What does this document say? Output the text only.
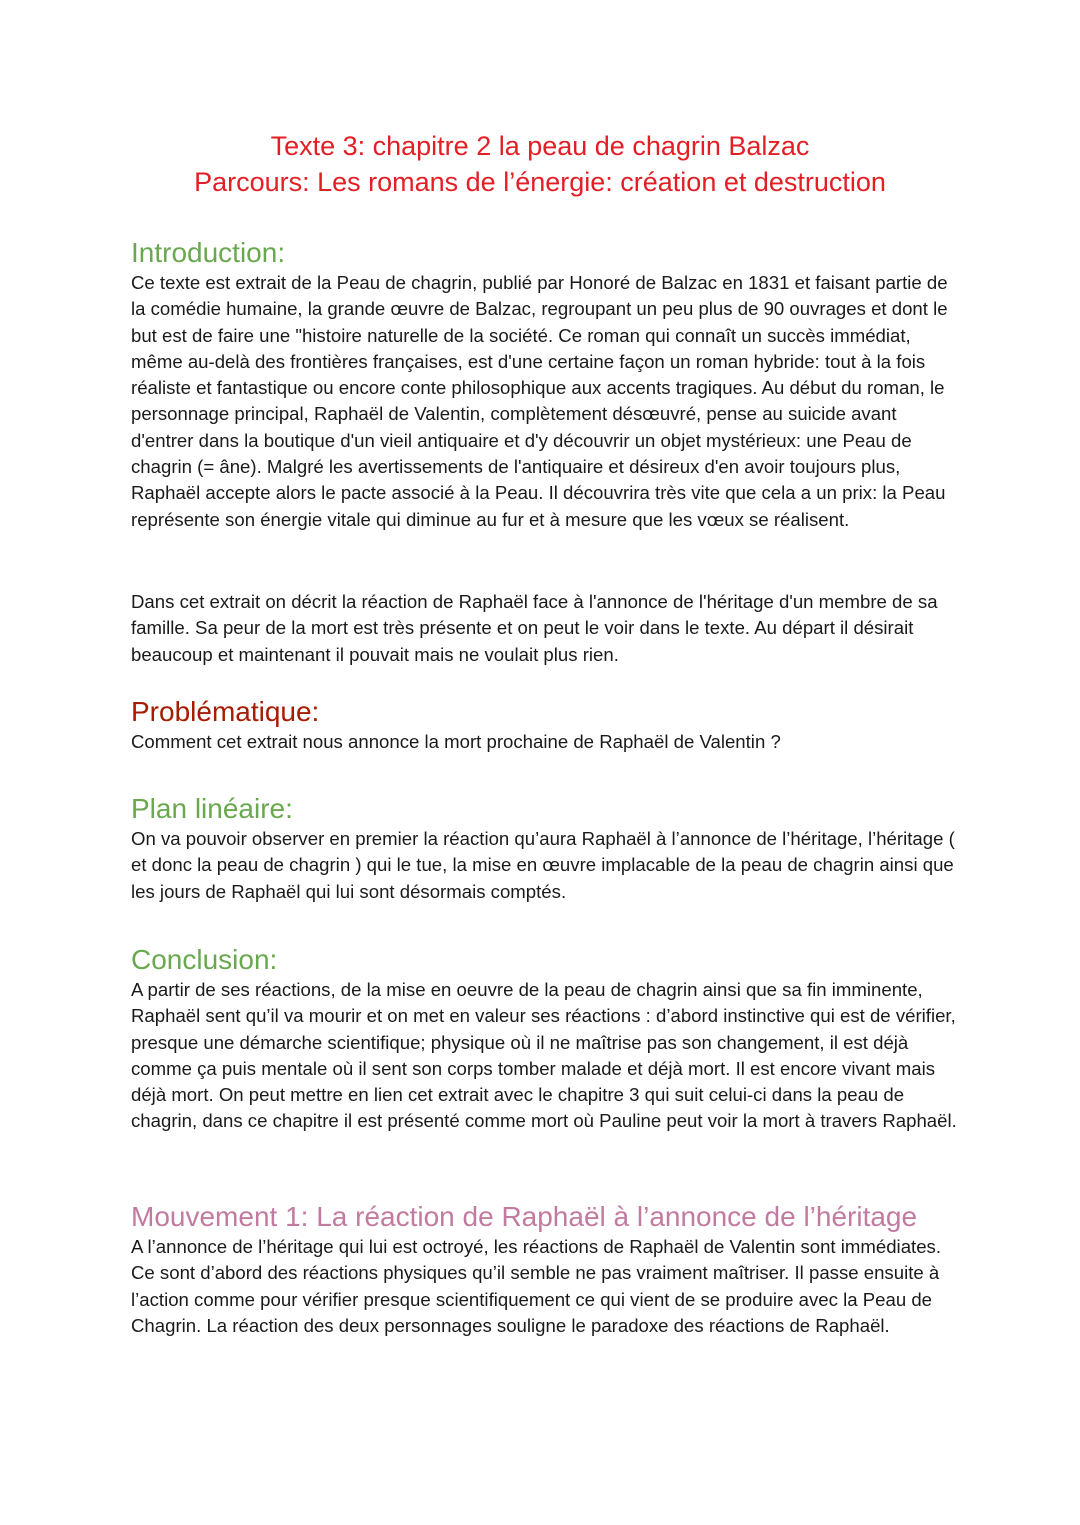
Texte 3: chapitre 2 la peau de chagrin Balzac
Parcours: Les romans de l’énergie: création et destruction
Introduction:

Ce texte est extrait de la Peau de chagrin, publié par Honoré de Balzac en 1831 et faisant partie de la comédie humaine, la grande œuvre de Balzac, regroupant un peu plus de 90 ouvrages et dont le but est de faire une "histoire naturelle de la société. Ce roman qui connaît un succès immédiat, même au-delà des frontières françaises, est d'une certaine façon un roman hybride: tout à la fois réaliste et fantastique ou encore conte philosophique aux accents tragiques. Au début du roman, le personnage principal, Raphaël de Valentin, complètement désœuvré, pense au suicide avant d'entrer dans la boutique d'un vieil antiquaire et d'y découvrir un objet mystérieux: une Peau de chagrin (= âne). Malgré les avertissements de l'antiquaire et désireux d'en avoir toujours plus, Raphaël accepte alors le pacte associé à la Peau. Il découvrira très vite que cela a un prix: la Peau représente son énergie vitale qui diminue au fur et à mesure que les vœux se réalisent.

Dans cet extrait on décrit la réaction de Raphaël face à l'annonce de l'héritage d'un membre de sa famille. Sa peur de la mort est très présente et on peut le voir dans le texte. Au départ il désirait beaucoup et maintenant il pouvait mais ne voulait plus rien.

Problématique:

Comment cet extrait nous annonce la mort prochaine de Raphaël de Valentin ?

Plan linéaire:

On va pouvoir observer en premier la réaction qu’aura Raphaël à l’annonce de l’héritage, l’héritage ( et donc la peau de chagrin ) qui le tue, la mise en œuvre implacable de la peau de chagrin ainsi que les jours de Raphaël qui lui sont désormais comptés.

Conclusion:

A partir de ses réactions, de la mise en oeuvre de la peau de chagrin ainsi que sa fin imminente, Raphaël sent qu’il va mourir et on met en valeur ses réactions : d’abord instinctive qui est de vérifier, presque une démarche scientifique; physique où il ne maîtrise pas son changement, il est déjà comme ça puis mentale où il sent son corps tomber malade et déjà mort. Il est encore vivant mais déjà mort. On peut mettre en lien cet extrait avec le chapitre 3 qui suit celui-ci dans la peau de chagrin, dans ce chapitre il est présenté comme mort où Pauline peut voir la mort à travers Raphaël.

Mouvement 1: La réaction de Raphaël à l’annonce de l’héritage

A l’annonce de l’héritage qui lui est octroyé, les réactions de Raphaël de Valentin sont immédiates. Ce sont d’abord des réactions physiques qu’il semble ne pas vraiment maîtriser. Il passe ensuite à l’action comme pour vérifier presque scientifiquement ce qui vient de se produire avec la Peau de Chagrin. La réaction des deux personnages souligne le paradoxe des réactions de Raphaël.
